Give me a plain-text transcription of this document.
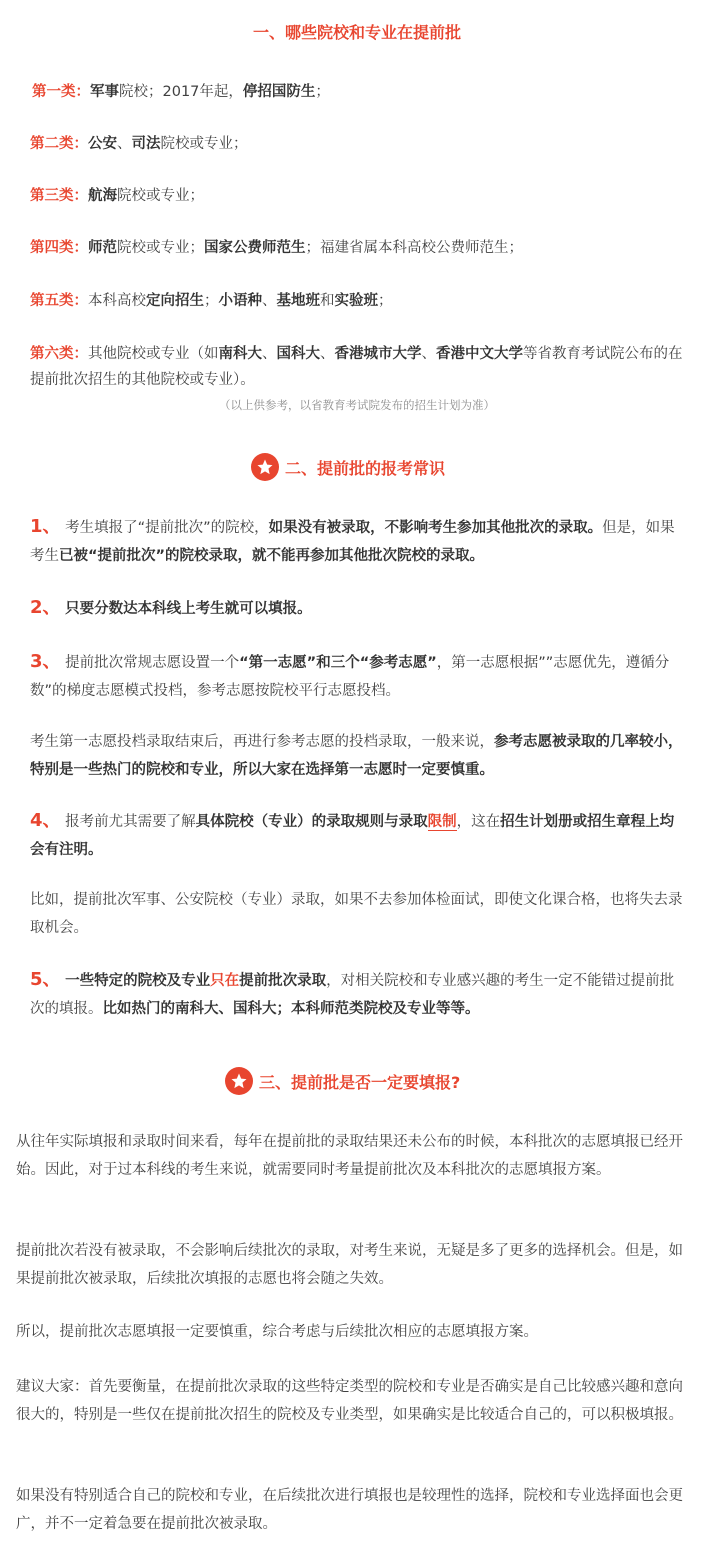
一、哪些院校和专业在提前批
第一类：军事院校；2017年起，停招国防生；
第二类：公安、司法院校或专业；
第三类：航海院校或专业；
第四类：师范院校或专业；国家公费师范生；福建省属本科高校公费师范生；
第五类：本科高校定向招生；小语种、基地班和实验班；
第六类：其他院校或专业（如南科大、国科大、香港城市大学、香港中文大学等省教育考试院公布的在提前批次招生的其他院校或专业）。
（以上供参考，以省教育考试院发布的招生计划为准）
二、提前批的报考常识
1、 考生填报了“提前批次”的院校，如果没有被录取，不影响考生参加其他批次的录取。但是，如果考生已被“提前批次”的院校录取，就不能再参加其他批次院校的录取。
2、 只要分数达本科线上考生就可以填报。
3、 提前批次常规志愿设置一个“第一志愿”和三个“参考志愿”，第一志愿根据””志愿优先，遵循分数”的梯度志愿模式投档，参考志愿按院校平行志愿投档。
考生第一志愿投档录取结束后，再进行参考志愿的投档录取，一般来说，参考志愿被录取的几率较小，特别是一些热门的院校和专业，所以大家在选择第一志愿时一定要慎重。
4、 报考前尤其需要了解具体院校（专业）的录取规则与录取限制，这在招生计划册或招生章程上均会有注明。
比如，提前批次军事、公安院校（专业）录取，如果不去参加体检面试，即使文化课合格，也将失去录取机会。
5、 一些特定的院校及专业只在提前批次录取，对相关院校和专业感兴趣的考生一定不能错过提前批次的填报。比如热门的南科大、国科大；本科师范类院校及专业等等。
三、提前批是否一定要填报?
从往年实际填报和录取时间来看，每年在提前批的录取结果还未公布的时候，本科批次的志愿填报已经开始。因此，对于过本科线的考生来说，就需要同时考量提前批次及本科批次的志愿填报方案。
提前批次若没有被录取，不会影响后续批次的录取，对考生来说，无疑是多了更多的选择机会。但是，如果提前批次被录取，后续批次填报的志愿也将会随之失效。
所以，提前批次志愿填报一定要慎重，综合考虑与后续批次相应的志愿填报方案。
建议大家：首先要衡量，在提前批次录取的这些特定类型的院校和专业是否确实是自己比较感兴趣和意向很大的，特别是一些仅在提前批次招生的院校及专业类型，如果确实是比较适合自己的，可以积极填报。
如果没有特别适合自己的院校和专业，在后续批次进行填报也是较理性的选择，院校和专业选择面也会更广，并不一定着急要在提前批次被录取。
